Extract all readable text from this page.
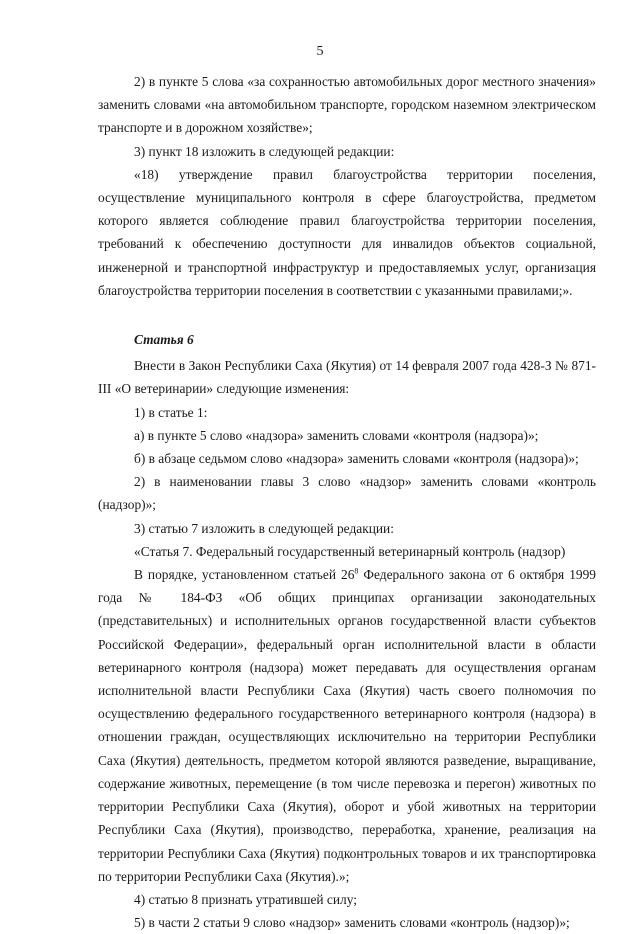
5

2) в пункте 5 слова «за сохранностью автомобильных дорог местного значения» заменить словами «на автомобильном транспорте, городском наземном электрическом транспорте и в дорожном хозяйстве»;

3) пункт 18 изложить в следующей редакции:

«18) утверждение правил благоустройства территории поселения, осуществление муниципального контроля в сфере благоустройства, предметом которого является соблюдение правил благоустройства территории поселения, требований к обеспечению доступности для инвалидов объектов социальной, инженерной и транспортной инфраструктур и предоставляемых услуг, организация благоустройства территории поселения в соответствии с указанными правилами;».

Статья 6

Внести в Закон Республики Саха (Якутия) от 14 февраля 2007 года 428-З № 871-III «О ветеринарии» следующие изменения:

1) в статье 1:

а) в пункте 5 слово «надзора» заменить словами «контроля (надзора)»;

б) в абзаце седьмом слово «надзора» заменить словами «контроля (надзора)»;

2) в наименовании главы 3 слово «надзор» заменить словами «контроль (надзор)»;

3) статью 7 изложить в следующей редакции:

«Статья 7. Федеральный государственный ветеринарный контроль (надзор)

В порядке, установленном статьей $26^8$ Федерального закона от 6 октября 1999 года № 184-ФЗ «Об общих принципах организации законодательных (представительных) и исполнительных органов государственной власти субъектов Российской Федерации», федеральный орган исполнительной власти в области ветеринарного контроля (надзора) может передавать для осуществления органам исполнительной власти Республики Саха (Якутия) часть своего полномочия по осуществлению федерального государственного ветеринарного контроля (надзора) в отношении граждан, осуществляющих исключительно на территории Республики Саха (Якутия) деятельность, предметом которой являются разведение, выращивание, содержание животных, перемещение (в том числе перевозка и перегон) животных по территории Республики Саха (Якутия), оборот и убой животных на территории Республики Саха (Якутия), производство, переработка, хранение, реализация на территории Республики Саха (Якутия) подконтрольных товаров и их транспортировка по территории Республики Саха (Якутия).»;

4) статью 8 признать утратившей силу;

5) в части 2 статьи 9 слово «надзор» заменить словами «контроль (надзор)»;
